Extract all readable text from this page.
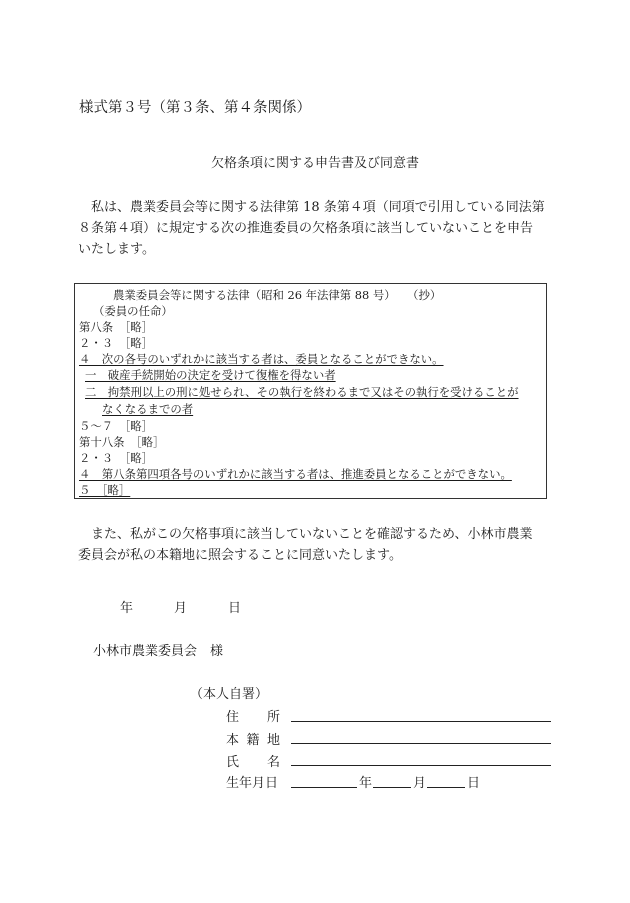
様式第３号（第３条、第４条関係）
欠格条項に関する申告書及び同意書
　私は、農業委員会等に関する法律第 18 条第４項（同項で引用している同法第
８条第４項）に規定する次の推進委員の欠格条項に該当していないことを申告
いたします。
農業委員会等に関する法律（昭和 26 年法律第 88 号）　　（抄）
（委員の任命）
第八条　［略］
２・３　［略］
４　次の各号のいずれかに該当する者は、委員となることができない。
一　破産手続開始の決定を受けて復権を得ない者
二　拘禁刑以上の刑に処せられ、その執行を終わるまで又はその執行を受けることが
なくなるまでの者
５～７　［略］
第十八条　［略］
２・３　［略］
４　第八条第四項各号のいずれかに該当する者は、推進委員となることができない。
５　［略］
　また、私がこの欠格事項に該当していないことを確認するため、小林市農業
委員会が私の本籍地に照会することに同意いたします。
年	月	日
小林市農業委員会　様
（本人自署）
住所
本籍地
氏名
生年月日	年	月	日
